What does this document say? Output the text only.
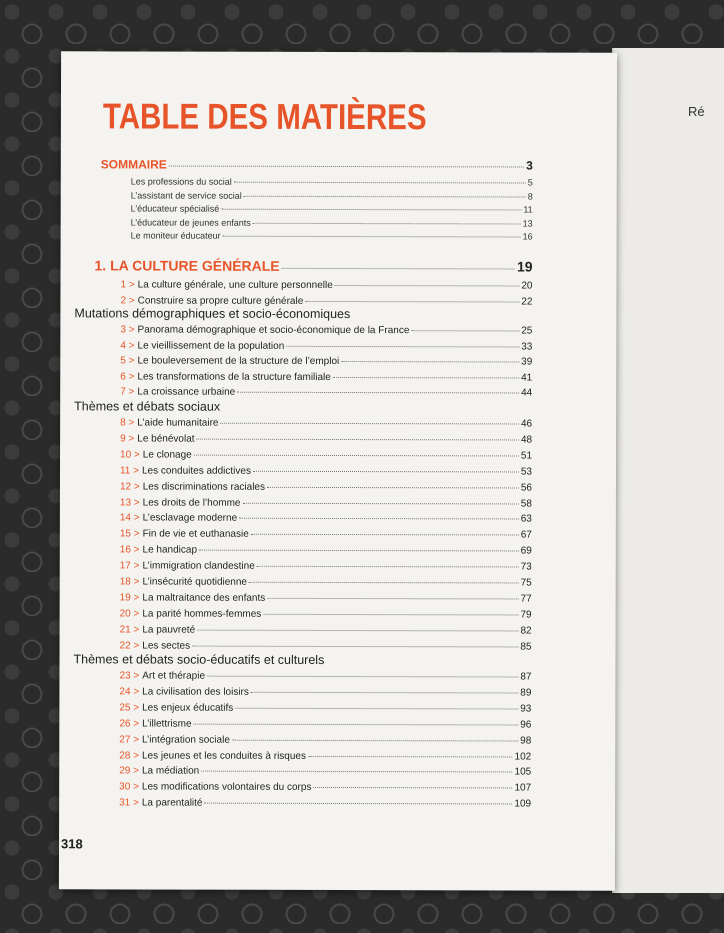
Ré
TABLE DES MATIÈRES
SOMMAIRE	3
Les professions du social	5
L’assistant de service social	8
L’éducateur spécialisé	11
L’éducateur de jeunes enfants	13
Le moniteur éducateur	16
1. LA CULTURE GÉNÉRALE	19
1 > La culture générale, une culture personnelle	20
2 > Construire sa propre culture générale	22
Mutations démographiques et socio-économiques
3 > Panorama démographique et socio-économique de la France	25
4 > Le vieillissement de la population	33
5 > Le bouleversement de la structure de l’emploi	39
6 > Les transformations de la structure familiale	41
7 > La croissance urbaine	44
Thèmes et débats sociaux
8 > L’aide humanitaire	46
9 > Le bénévolat	48
10 > Le clonage	51
11 > Les conduites addictives	53
12 > Les discriminations raciales	56
13 > Les droits de l’homme	58
14 > L’esclavage moderne	63
15 > Fin de vie et euthanasie	67
16 > Le handicap	69
17 > L’immigration clandestine	73
18 > L’insécurité quotidienne	75
19 > La maltraitance des enfants	77
20 > La parité hommes-femmes	79
21 > La pauvreté	82
22 > Les sectes	85
Thèmes et débats socio-éducatifs et culturels
23 > Art et thérapie	87
24 > La civilisation des loisirs	89
25 > Les enjeux éducatifs	93
26 > L’illettrisme	96
27 > L’intégration sociale	98
28 > Les jeunes et les conduites à risques	102
29 > La médiation	105
30 > Les modifications volontaires du corps	107
31 > La parentalité	109
318
